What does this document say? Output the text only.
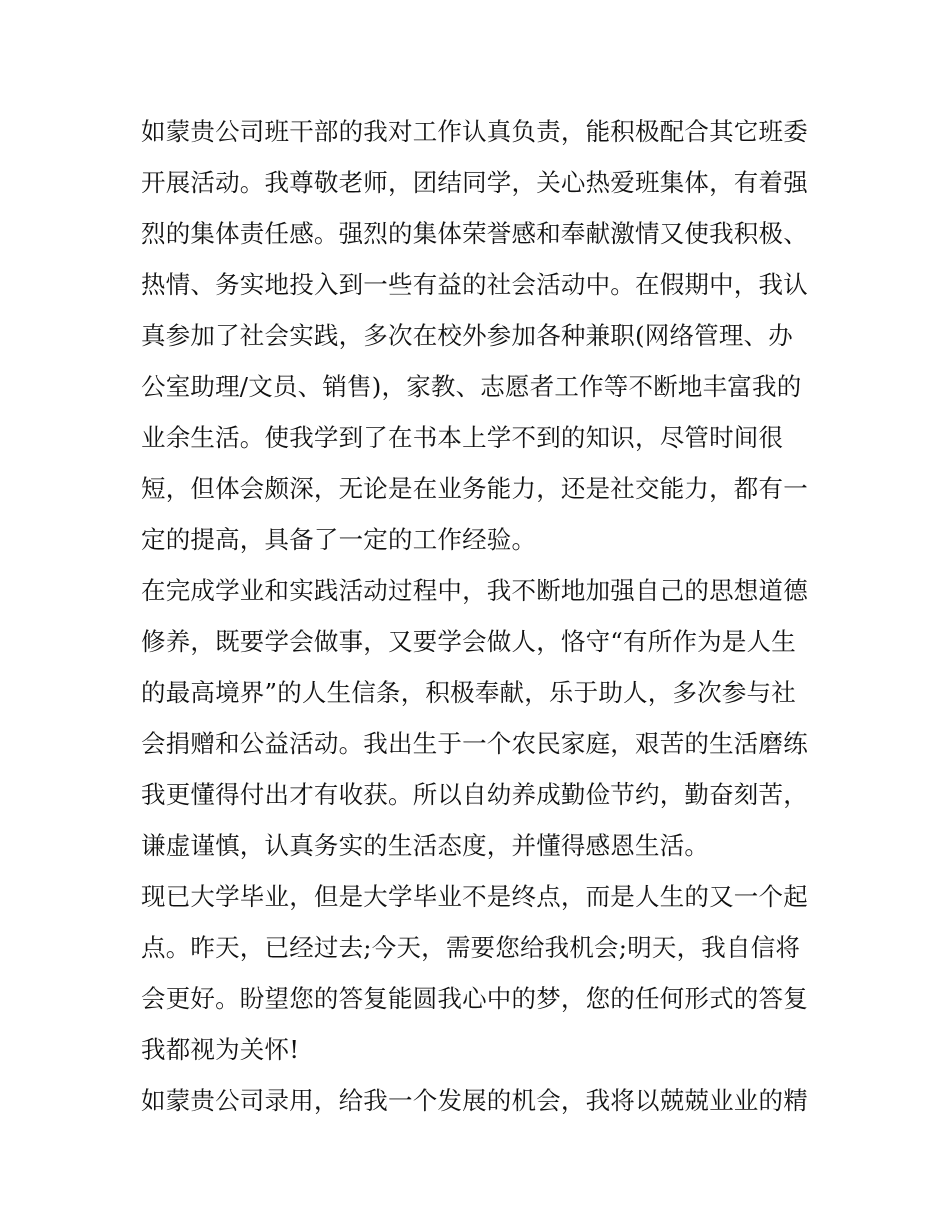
如蒙贵公司班干部的我对工作认真负责，能积极配合其它班委
开展活动。我尊敬老师，团结同学，关心热爱班集体，有着强
烈的集体责任感。强烈的集体荣誉感和奉献激情又使我积极、
热情、务实地投入到一些有益的社会活动中。在假期中，我认
真参加了社会实践，多次在校外参加各种兼职(网络管理、办
公室助理/文员、销售)，家教、志愿者工作等不断地丰富我的
业余生活。使我学到了在书本上学不到的知识，尽管时间很
短，但体会颇深，无论是在业务能力，还是社交能力，都有一
定的提高，具备了一定的工作经验。
在完成学业和实践活动过程中，我不断地加强自己的思想道德
修养，既要学会做事，又要学会做人，恪守“有所作为是人生
的最高境界”的人生信条，积极奉献，乐于助人，多次参与社
会捐赠和公益活动。我出生于一个农民家庭，艰苦的生活磨练
我更懂得付出才有收获。所以自幼养成勤俭节约，勤奋刻苦，
谦虚谨慎，认真务实的生活态度，并懂得感恩生活。
现已大学毕业，但是大学毕业不是终点，而是人生的又一个起
点。昨天，已经过去;今天，需要您给我机会;明天，我自信将
会更好。盼望您的答复能圆我心中的梦，您的任何形式的答复
我都视为关怀!
如蒙贵公司录用，给我一个发展的机会，我将以兢兢业业的精
